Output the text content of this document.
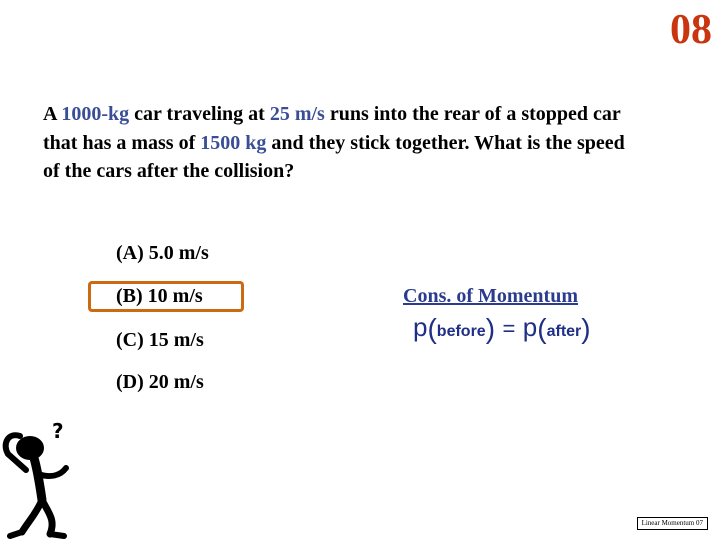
08
A 1000-kg car traveling at 25 m/s runs into the rear of a stopped car that has a mass of 1500 kg and they stick together. What is the speed of the cars after the collision?
(A) 5.0 m/s
(B) 10 m/s
(C) 15 m/s
(D) 20 m/s
Cons. of Momentum
p(before) = p(after)
?
Linear Momentum 07
